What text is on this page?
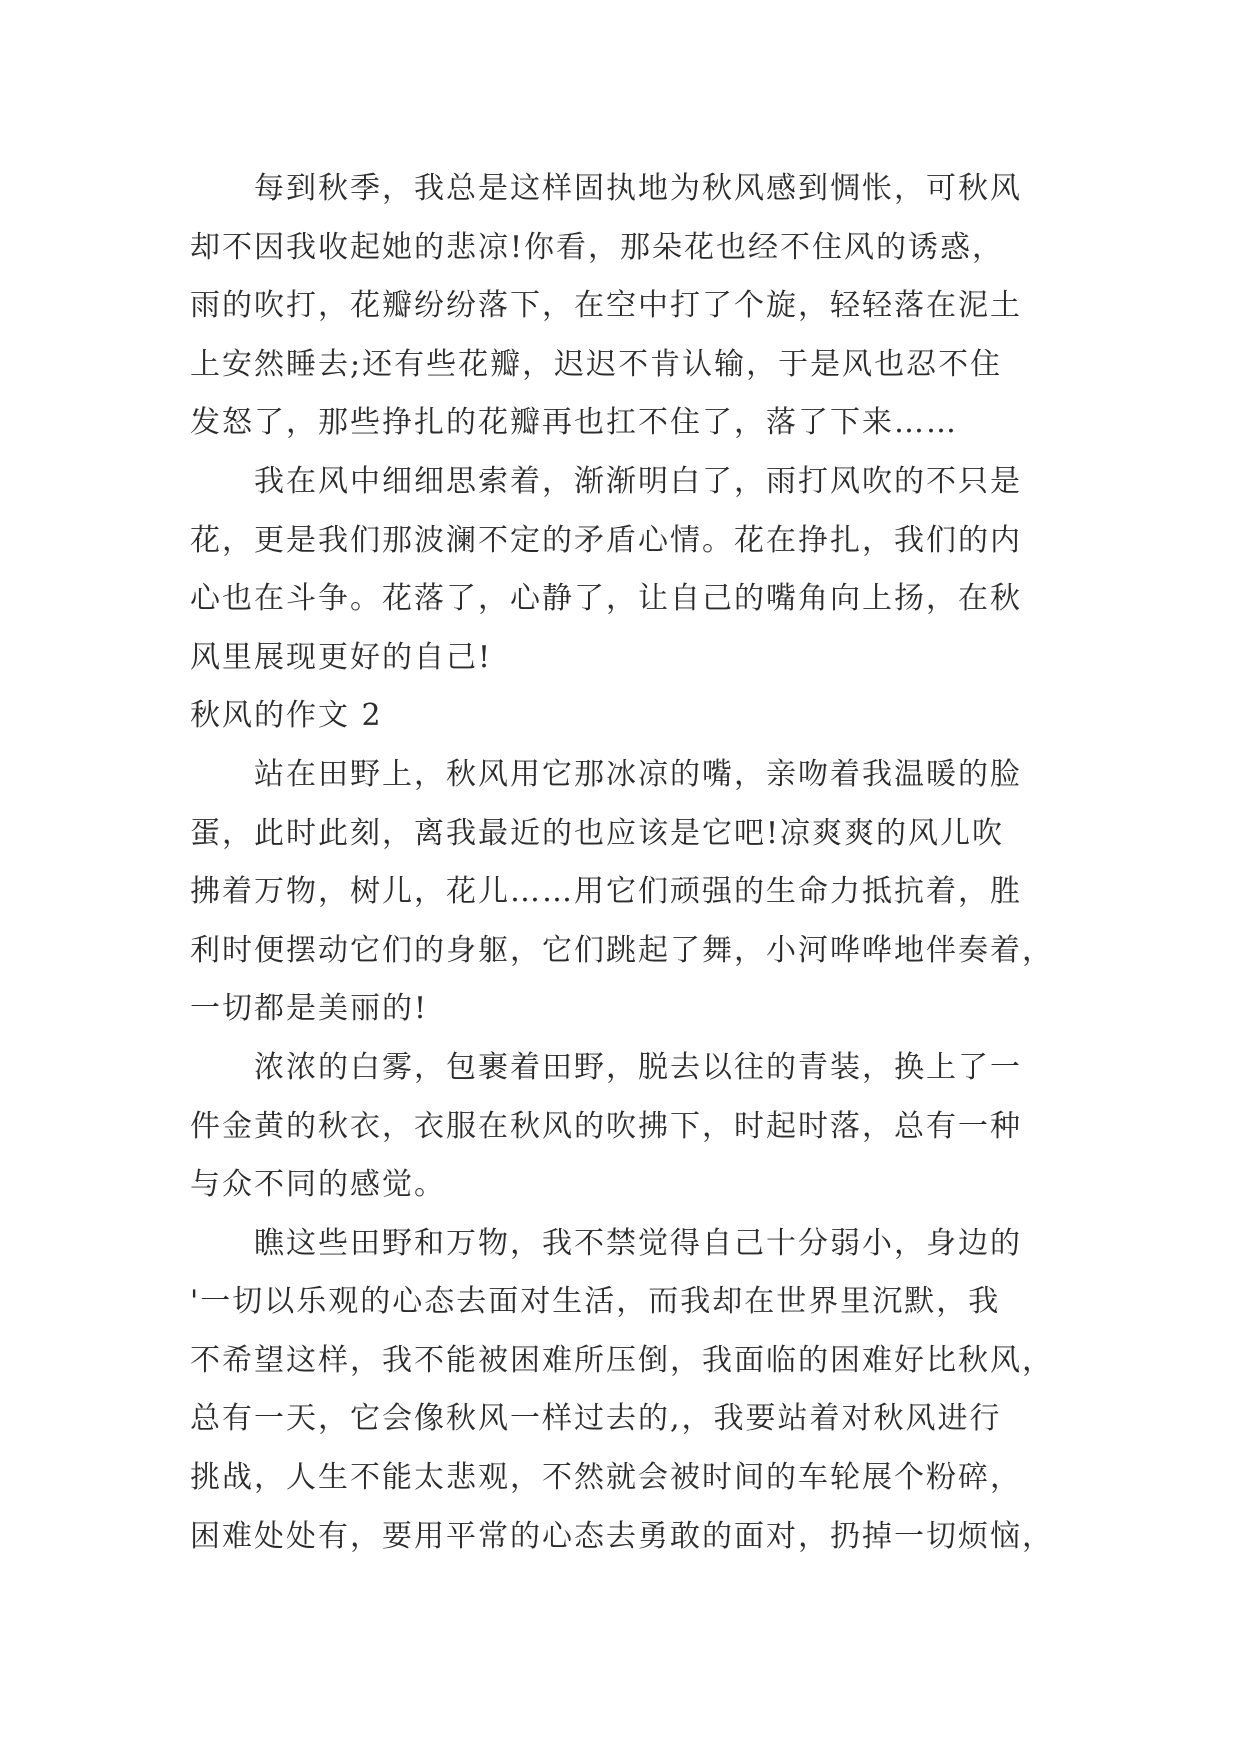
每到秋季，我总是这样固执地为秋风感到惆怅，可秋风
却不因我收起她的悲凉!你看，那朵花也经不住风的诱惑，
雨的吹打，花瓣纷纷落下，在空中打了个旋，轻轻落在泥土
上安然睡去;还有些花瓣，迟迟不肯认输，于是风也忍不住
发怒了，那些挣扎的花瓣再也扛不住了，落了下来……
我在风中细细思索着，渐渐明白了，雨打风吹的不只是
花，更是我们那波澜不定的矛盾心情。花在挣扎，我们的内
心也在斗争。花落了，心静了，让自己的嘴角向上扬，在秋
风里展现更好的自己!
秋风的作文 2
站在田野上，秋风用它那冰凉的嘴，亲吻着我温暖的脸
蛋，此时此刻，离我最近的也应该是它吧!凉爽爽的风儿吹
拂着万物，树儿，花儿……用它们顽强的生命力抵抗着，胜
利时便摆动它们的身躯，它们跳起了舞，小河哗哗地伴奏着，
一切都是美丽的!
浓浓的白雾，包裹着田野，脱去以往的青装，换上了一
件金黄的秋衣，衣服在秋风的吹拂下，时起时落，总有一种
与众不同的感觉。
瞧这些田野和万物，我不禁觉得自己十分弱小，身边的
'一切以乐观的心态去面对生活，而我却在世界里沉默，我
不希望这样，我不能被困难所压倒，我面临的困难好比秋风，
总有一天，它会像秋风一样过去的,，我要站着对秋风进行
挑战，人生不能太悲观，不然就会被时间的车轮展个粉碎，
困难处处有，要用平常的心态去勇敢的面对，扔掉一切烦恼，
